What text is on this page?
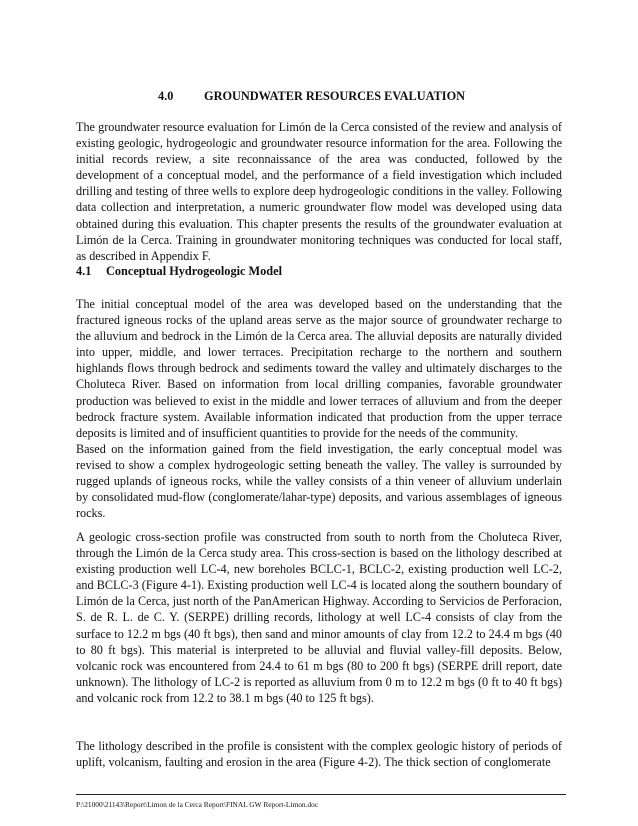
4.0 GROUNDWATER RESOURCES EVALUATION

The groundwater resource evaluation for Limón de la Cerca consisted of the review and analysis of existing geologic, hydrogeologic and groundwater resource information for the area. Following the initial records review, a site reconnaissance of the area was conducted, followed by the development of a conceptual model, and the performance of a field investigation which included drilling and testing of three wells to explore deep hydrogeologic conditions in the valley. Following data collection and interpretation, a numeric groundwater flow model was developed using data obtained during this evaluation. This chapter presents the results of the groundwater evaluation at Limón de la Cerca. Training in groundwater monitoring techniques was conducted for local staff, as described in Appendix F.

4.1 Conceptual Hydrogeologic Model

The initial conceptual model of the area was developed based on the understanding that the fractured igneous rocks of the upland areas serve as the major source of groundwater recharge to the alluvium and bedrock in the Limón de la Cerca area. The alluvial deposits are naturally divided into upper, middle, and lower terraces. Precipitation recharge to the northern and southern highlands flows through bedrock and sediments toward the valley and ultimately discharges to the Choluteca River. Based on information from local drilling companies, favorable groundwater production was believed to exist in the middle and lower terraces of alluvium and from the deeper bedrock fracture system. Available information indicated that production from the upper terrace deposits is limited and of insufficient quantities to provide for the needs of the community.

Based on the information gained from the field investigation, the early conceptual model was revised to show a complex hydrogeologic setting beneath the valley. The valley is surrounded by rugged uplands of igneous rocks, while the valley consists of a thin veneer of alluvium underlain by consolidated mud-flow (conglomerate/lahar-type) deposits, and various assemblages of igneous rocks.

A geologic cross-section profile was constructed from south to north from the Choluteca River, through the Limón de la Cerca study area. This cross-section is based on the lithology described at existing production well LC-4, new boreholes BCLC-1, BCLC-2, existing production well LC-2, and BCLC-3 (Figure 4-1). Existing production well LC-4 is located along the southern boundary of Limón de la Cerca, just north of the PanAmerican Highway. According to Servicios de Perforacion, S. de R. L. de C. Y. (SERPE) drilling records, lithology at well LC-4 consists of clay from the surface to 12.2 m bgs (40 ft bgs), then sand and minor amounts of clay from 12.2 to 24.4 m bgs (40 to 80 ft bgs). This material is interpreted to be alluvial and fluvial valley-fill deposits. Below, volcanic rock was encountered from 24.4 to 61 m bgs (80 to 200 ft bgs) (SERPE drill report, date unknown). The lithology of LC-2 is reported as alluvium from 0 m to 12.2 m bgs (0 ft to 40 ft bgs) and volcanic rock from 12.2 to 38.1 m bgs (40 to 125 ft bgs).

The lithology described in the profile is consistent with the complex geologic history of periods of uplift, volcanism, faulting and erosion in the area (Figure 4-2). The thick section of conglomerate

P:\21000\21143\Report\Limon de la Cerca Report\FINAL GW Report-Limon.doc
